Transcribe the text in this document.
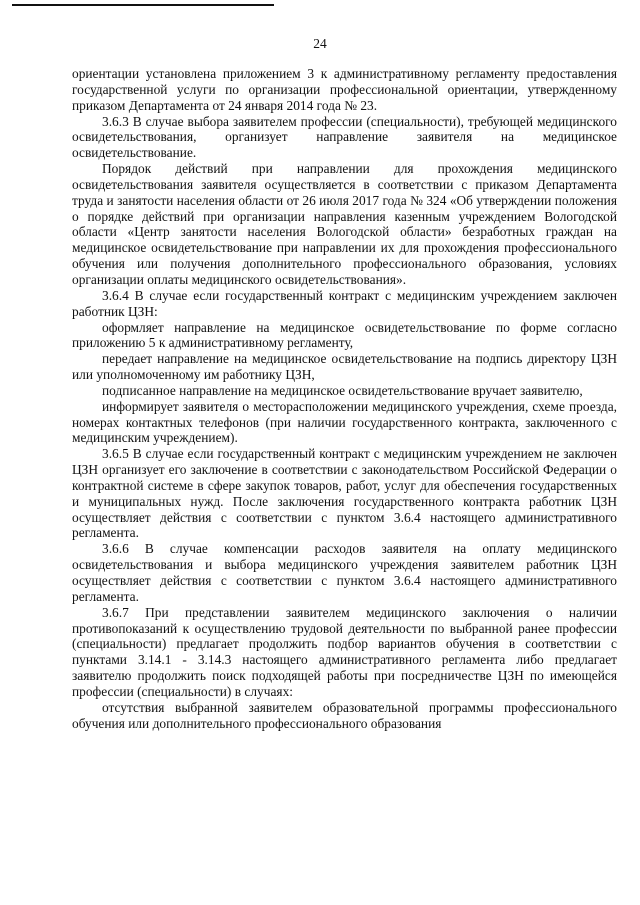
24

ориентации установлена приложением 3 к административному регламенту предоставления государственной услуги по организации профессиональной ориентации, утвержденному приказом Департамента от 24 января 2014 года № 23.

3.6.3 В случае выбора заявителем профессии (специальности), требующей медицинского освидетельствования, организует направление заявителя на медицинское освидетельствование.

Порядок действий при направлении для прохождения медицинского освидетельствования заявителя осуществляется в соответствии с приказом Департамента труда и занятости населения области от 26 июля 2017 года № 324 «Об утверждении положения о порядке действий при организации направления казенным учреждением Вологодской области «Центр занятости населения Вологодской области» безработных граждан на медицинское освидетельствование при направлении их для прохождения профессионального обучения или получения дополнительного профессионального образования, условиях организации оплаты медицинского освидетельствования».

3.6.4 В случае если государственный контракт с медицинским учреждением заключен работник ЦЗН:

оформляет направление на медицинское освидетельствование по форме согласно приложению 5 к административному регламенту,

передает направление на медицинское освидетельствование на подпись директору ЦЗН или уполномоченному им работнику ЦЗН,

подписанное направление на медицинское освидетельствование вручает заявителю,

информирует заявителя о месторасположении медицинского учреждения, схеме проезда, номерах контактных телефонов (при наличии государственного контракта, заключенного с медицинским учреждением).

3.6.5 В случае если государственный контракт с медицинским учреждением не заключен ЦЗН организует его заключение в соответствии с законодательством Российской Федерации о контрактной системе в сфере закупок товаров, работ, услуг для обеспечения государственных и муниципальных нужд. После заключения государственного контракта работник ЦЗН осуществляет действия с соответствии с пунктом 3.6.4 настоящего административного регламента.

3.6.6 В случае компенсации расходов заявителя на оплату медицинского освидетельствования и выбора медицинского учреждения заявителем работник ЦЗН осуществляет действия с соответствии с пунктом 3.6.4 настоящего административного регламента.

3.6.7 При представлении заявителем медицинского заключения о наличии противопоказаний к осуществлению трудовой деятельности по выбранной ранее профессии (специальности) предлагает продолжить подбор вариантов обучения в соответствии с пунктами 3.14.1 - 3.14.3 настоящего административного регламента либо предлагает заявителю продолжить поиск подходящей работы при посредничестве ЦЗН по имеющейся профессии (специальности) в случаях:

отсутствия выбранной заявителем образовательной программы профессионального обучения или дополнительного профессионального образования
